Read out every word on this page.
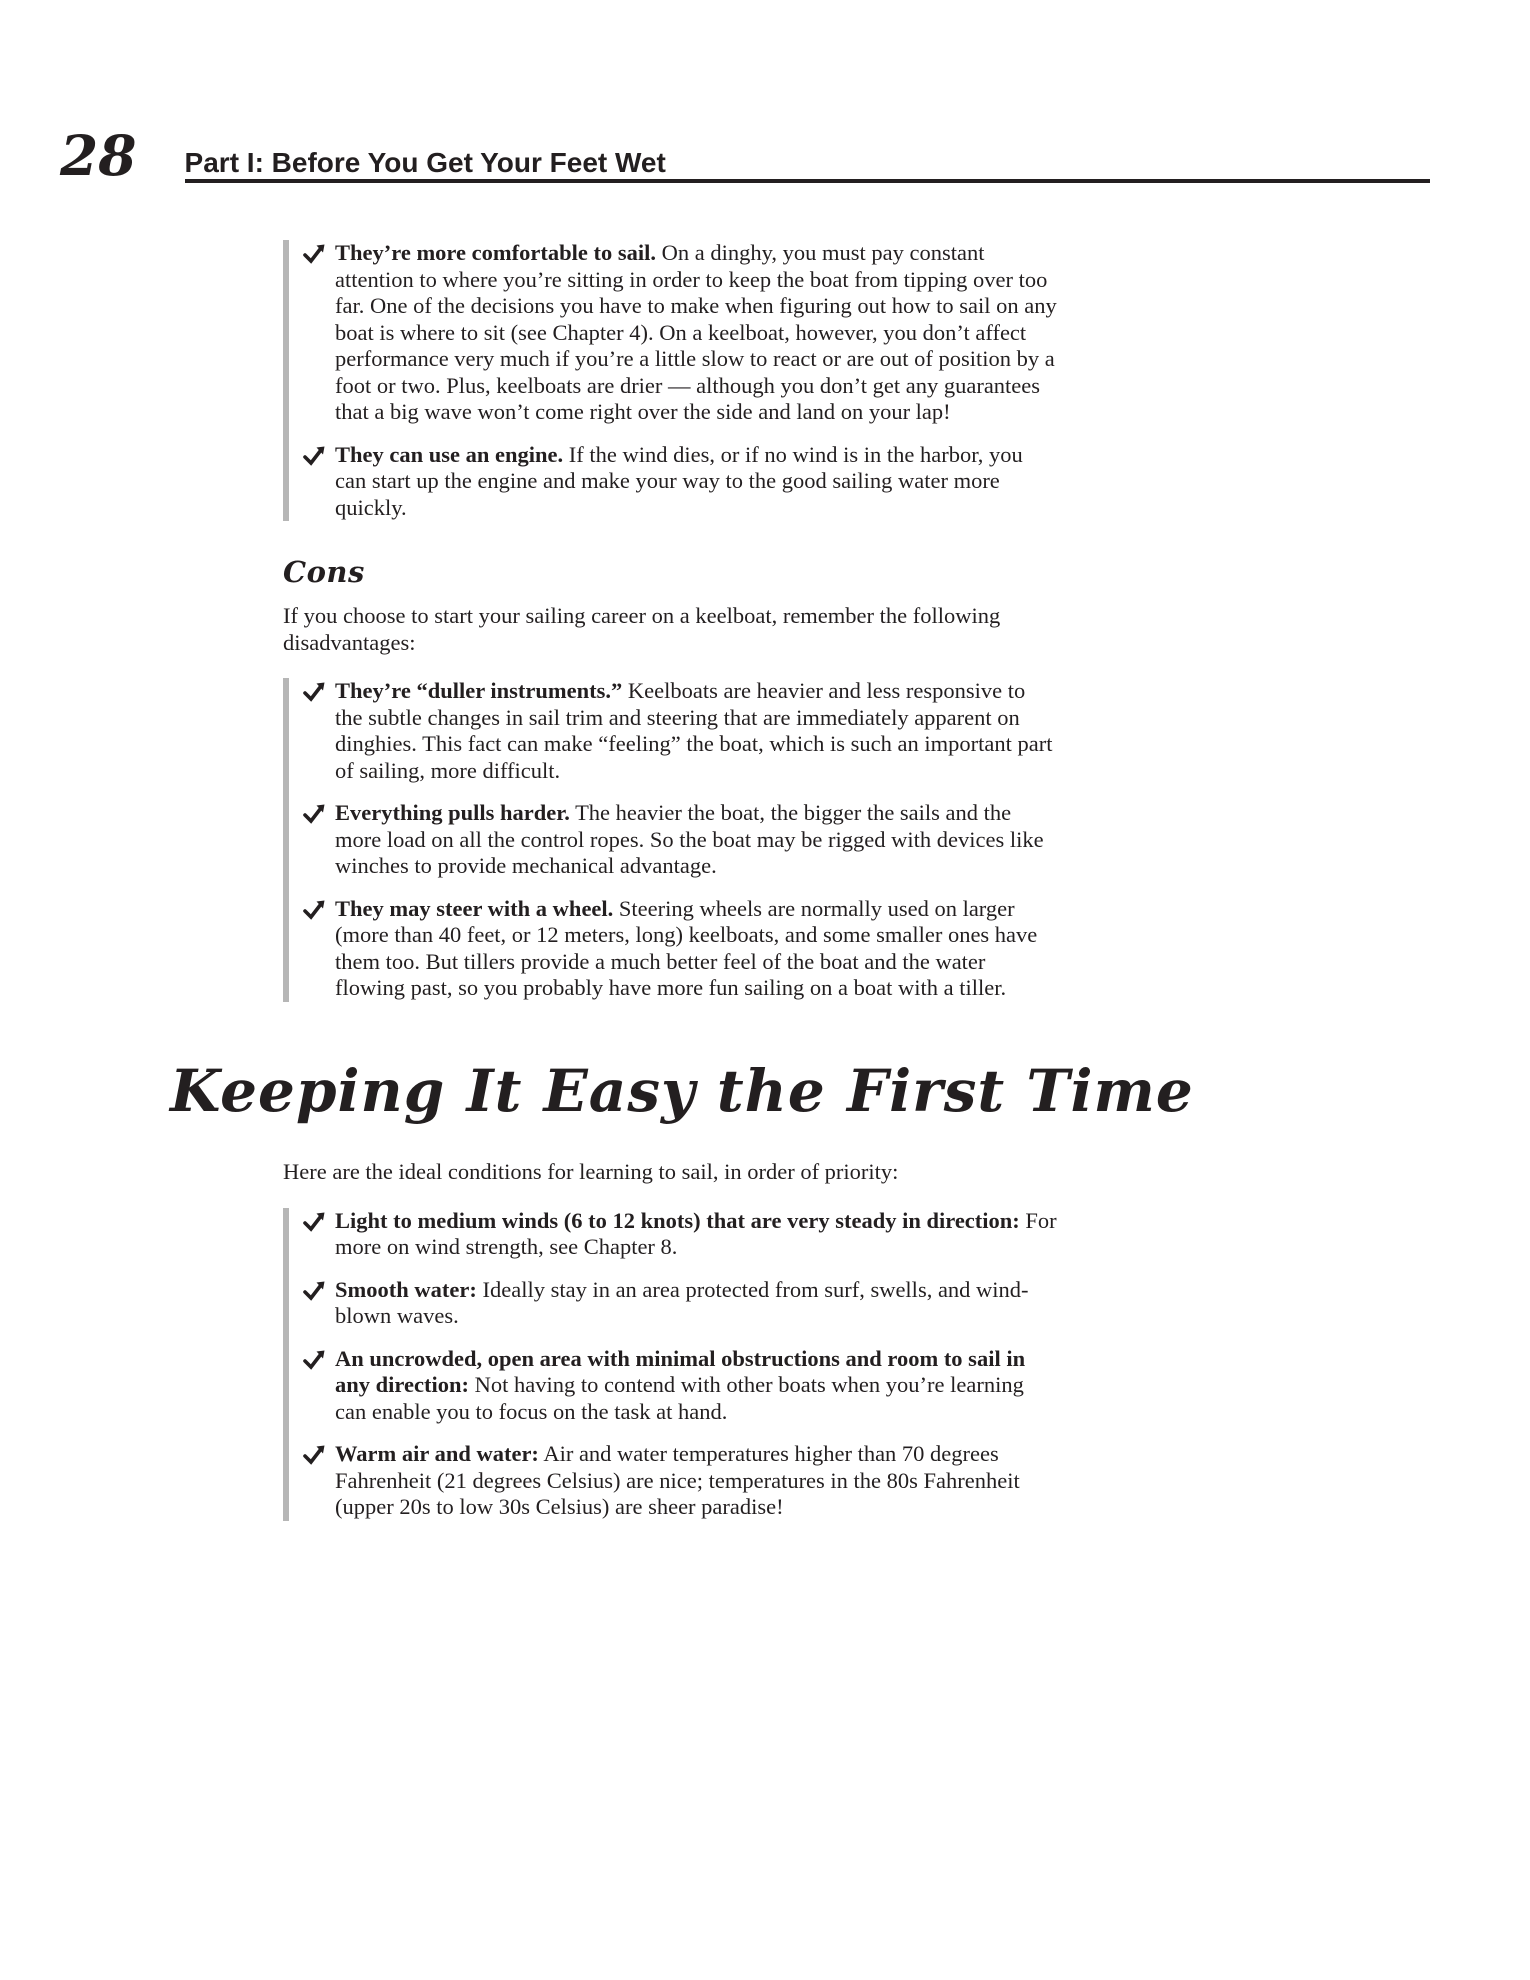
28 Part I: Before You Get Your Feet Wet

They’re more comfortable to sail. On a dinghy, you must pay constant attention to where you’re sitting in order to keep the boat from tipping over too far. One of the decisions you have to make when figuring out how to sail on any boat is where to sit (see Chapter 4). On a keelboat, however, you don’t affect performance very much if you’re a little slow to react or are out of position by a foot or two. Plus, keelboats are drier — although you don’t get any guarantees that a big wave won’t come right over the side and land on your lap!

They can use an engine. If the wind dies, or if no wind is in the harbor, you can start up the engine and make your way to the good sailing water more quickly.

Cons

If you choose to start your sailing career on a keelboat, remember the following disadvantages:

They’re “duller instruments.” Keelboats are heavier and less responsive to the subtle changes in sail trim and steering that are immediately apparent on dinghies. This fact can make “feeling” the boat, which is such an important part of sailing, more difficult.

Everything pulls harder. The heavier the boat, the bigger the sails and the more load on all the control ropes. So the boat may be rigged with devices like winches to provide mechanical advantage.

They may steer with a wheel. Steering wheels are normally used on larger (more than 40 feet, or 12 meters, long) keelboats, and some smaller ones have them too. But tillers provide a much better feel of the boat and the water flowing past, so you probably have more fun sailing on a boat with a tiller.

Keeping It Easy the First Time

Here are the ideal conditions for learning to sail, in order of priority:

Light to medium winds (6 to 12 knots) that are very steady in direction: For more on wind strength, see Chapter 8.

Smooth water: Ideally stay in an area protected from surf, swells, and wind-blown waves.

An uncrowded, open area with minimal obstructions and room to sail in any direction: Not having to contend with other boats when you’re learning can enable you to focus on the task at hand.

Warm air and water: Air and water temperatures higher than 70 degrees Fahrenheit (21 degrees Celsius) are nice; temperatures in the 80s Fahrenheit (upper 20s to low 30s Celsius) are sheer paradise!
